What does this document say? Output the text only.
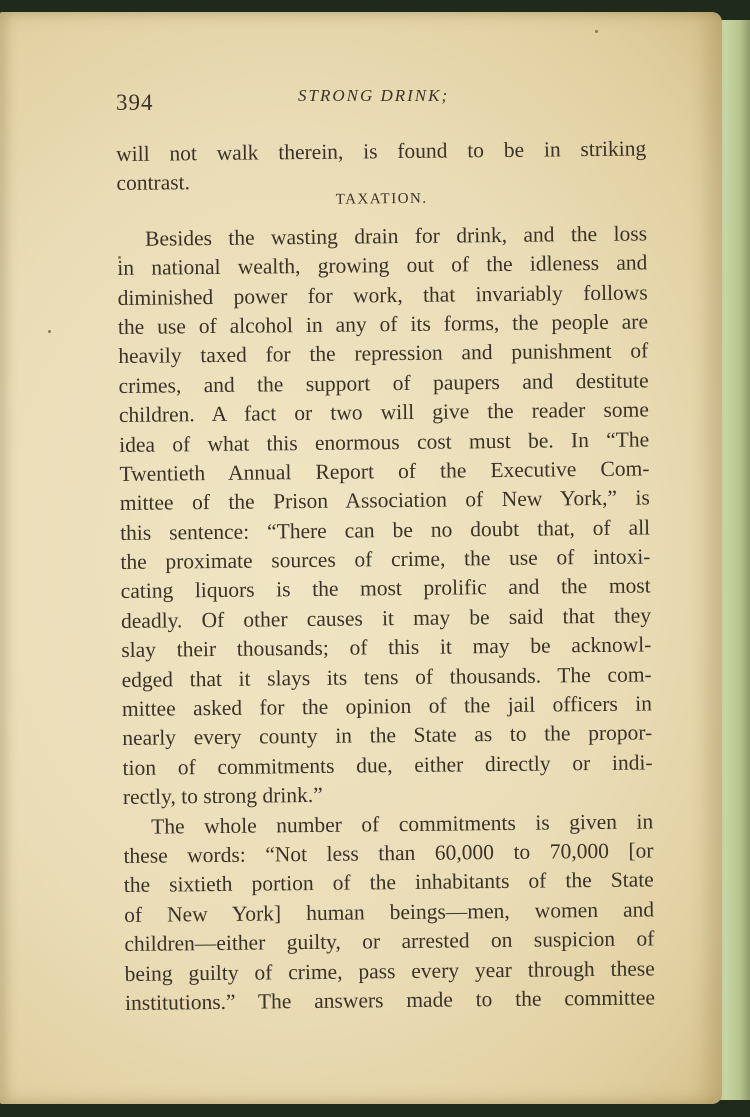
394	STRONG DRINK;
will not walk therein, is found to be in striking
contrast.
TAXATION.
Besides the wasting drain for drink, and the loss
in national wealth, growing out of the idleness and
diminished power for work, that invariably follows
the use of alcohol in any of its forms, the people are
heavily taxed for the repression and punishment of
crimes, and the support of paupers and destitute
children. A fact or two will give the reader some
idea of what this enormous cost must be. In “The
Twentieth Annual Report of the Executive Com-
mittee of the Prison Association of New York,” is
this sentence: “There can be no doubt that, of all
the proximate sources of crime, the use of intoxi-
cating liquors is the most prolific and the most
deadly. Of other causes it may be said that they
slay their thousands; of this it may be acknowl-
edged that it slays its tens of thousands. The com-
mittee asked for the opinion of the jail officers in
nearly every county in the State as to the propor-
tion of commitments due, either directly or indi-
rectly, to strong drink.”
The whole number of commitments is given in
these words: “Not less than 60,000 to 70,000 [or
the sixtieth portion of the inhabitants of the State
of New York] human beings—men, women and
children—either guilty, or arrested on suspicion of
being guilty of crime, pass every year through these
institutions.” The answers made to the committee
